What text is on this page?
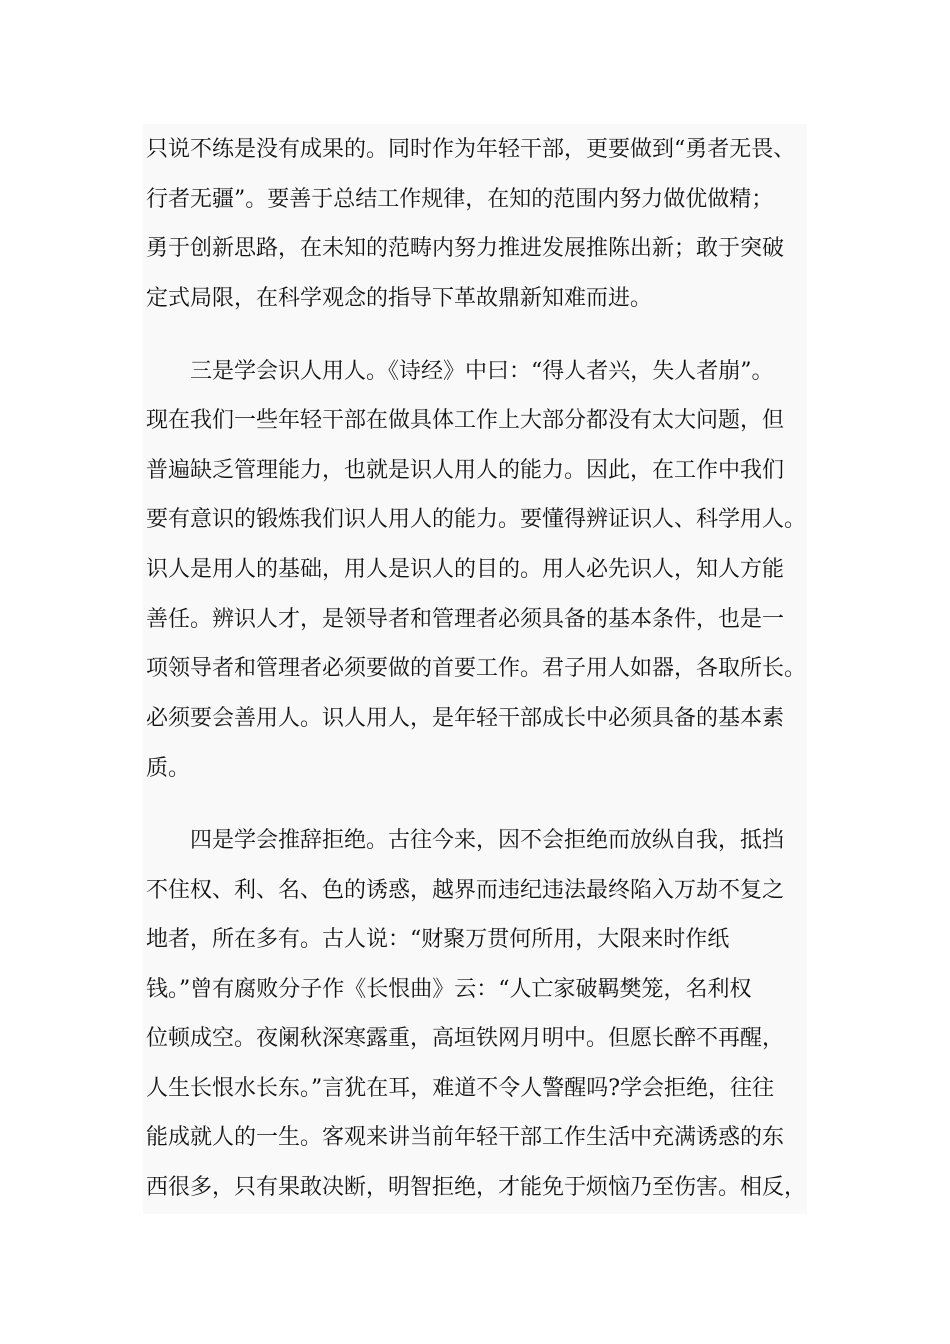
只说不练是没有成果的。同时作为年轻干部，更要做到“勇者无畏、
行者无疆”。要善于总结工作规律，在知的范围内努力做优做精；
勇于创新思路，在未知的范畴内努力推进发展推陈出新；敢于突破
定式局限，在科学观念的指导下革故鼎新知难而进。
三是学会识人用人。《诗经》中曰：“得人者兴，失人者崩”。
现在我们一些年轻干部在做具体工作上大部分都没有太大问题，但
普遍缺乏管理能力，也就是识人用人的能力。因此，在工作中我们
要有意识的锻炼我们识人用人的能力。要懂得辨证识人、科学用人。
识人是用人的基础，用人是识人的目的。用人必先识人，知人方能
善任。辨识人才，是领导者和管理者必须具备的基本条件，也是一
项领导者和管理者必须要做的首要工作。君子用人如器，各取所长。
必须要会善用人。识人用人，是年轻干部成长中必须具备的基本素
质。
四是学会推辞拒绝。古往今来，因不会拒绝而放纵自我，抵挡
不住权、利、名、色的诱惑，越界而违纪违法最终陷入万劫不复之
地者，所在多有。古人说：“财聚万贯何所用，大限来时作纸
钱。”曾有腐败分子作《长恨曲》云：“人亡家破羁樊笼，名利权
位顿成空。夜阑秋深寒露重，高垣铁网月明中。但愿长醉不再醒，
人生长恨水长东。”言犹在耳，难道不令人警醒吗?学会拒绝，往往
能成就人的一生。客观来讲当前年轻干部工作生活中充满诱惑的东
西很多，只有果敢决断，明智拒绝，才能免于烦恼乃至伤害。相反，
